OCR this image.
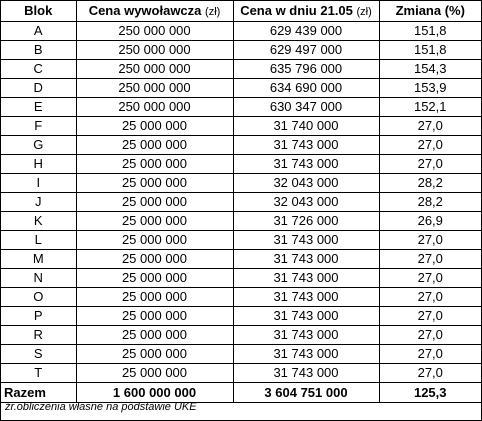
Blok	Cena wywoławcza (zł)	Cena w dniu 21.05 (zł)	Zmiana (%)
A	250 000 000	629 439 000	151,8
B	250 000 000	629 497 000	151,8
C	250 000 000	635 796 000	154,3
D	250 000 000	634 690 000	153,9
E	250 000 000	630 347 000	152,1
F	25 000 000	31 740 000	27,0
G	25 000 000	31 743 000	27,0
H	25 000 000	31 743 000	27,0
I	25 000 000	32 043 000	28,2
J	25 000 000	32 043 000	28,2
K	25 000 000	31 726 000	26,9
L	25 000 000	31 743 000	27,0
M	25 000 000	31 743 000	27,0
N	25 000 000	31 743 000	27,0
O	25 000 000	31 743 000	27,0
P	25 000 000	31 743 000	27,0
R	25 000 000	31 743 000	27,0
S	25 000 000	31 743 000	27,0
T	25 000 000	31 743 000	27,0
Razem	1 600 000 000	3 604 751 000	125,3
źr.obliczenia własne na podstawie UKE
